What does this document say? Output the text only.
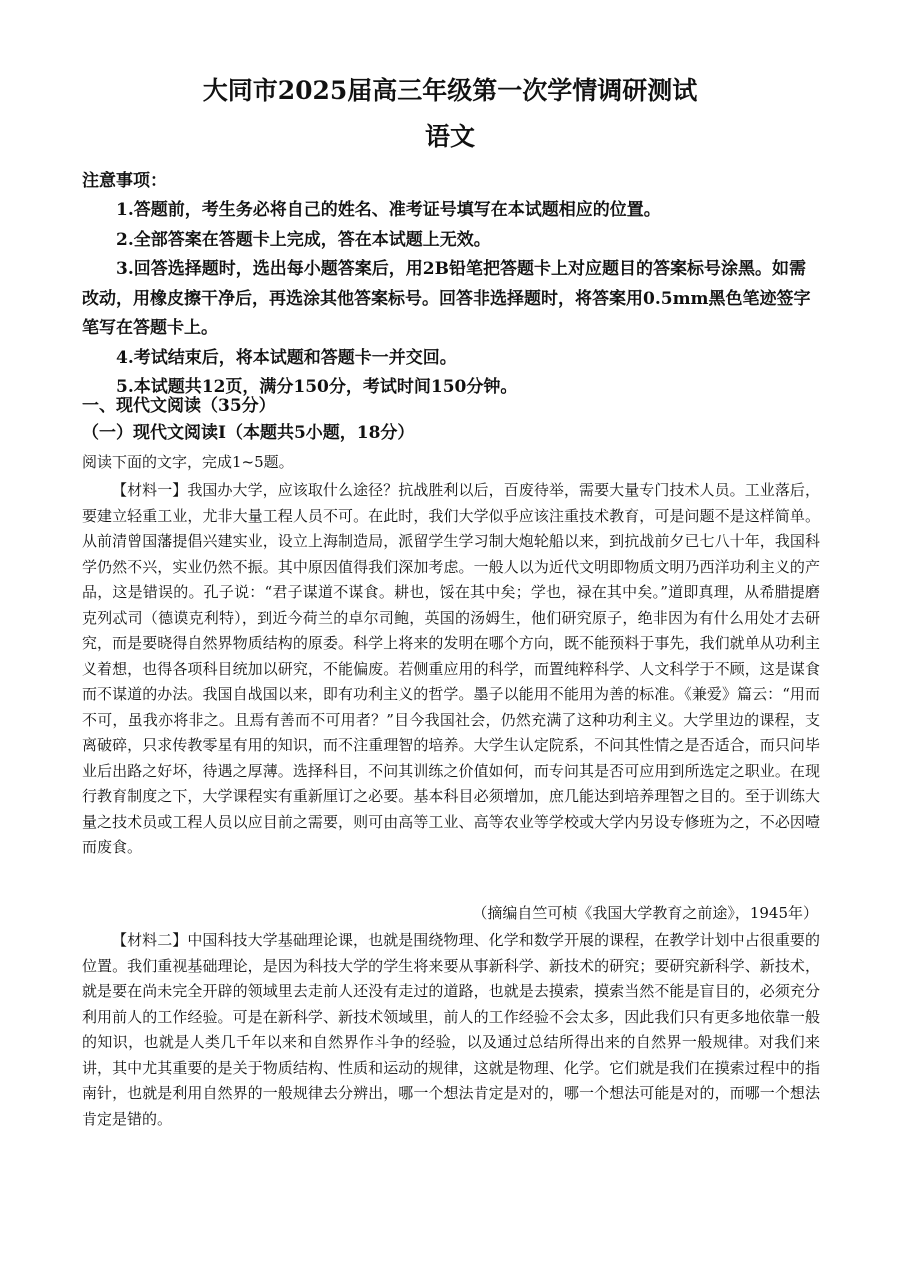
大同市2025届高三年级第一次学情调研测试
语文
注意事项：

1.答题前，考生务必将自己的姓名、准考证号填写在本试题相应的位置。

2.全部答案在答题卡上完成，答在本试题上无效。

3.回答选择题时，选出每小题答案后，用2B铅笔把答题卡上对应题目的答案标号涂黑。如需改动，用橡皮擦干净后，再选涂其他答案标号。回答非选择题时，将答案用0.5mm黑色笔迹签字笔写在答题卡上。

4.考试结束后，将本试题和答题卡一并交回。

5.本试题共12页，满分150分，考试时间150分钟。

一、现代文阅读（35分）
（一）现代文阅读Ⅰ（本题共5小题，18分）
阅读下面的文字，完成1~5题。

【材料一】我国办大学，应该取什么途径？抗战胜利以后，百废待举，需要大量专门技术人员。工业落后，要建立轻重工业，尤非大量工程人员不可。在此时，我们大学似乎应该注重技术教育，可是问题不是这样简单。从前清曾国藩提倡兴建实业，设立上海制造局，派留学生学习制大炮轮船以来，到抗战前夕已七八十年，我国科学仍然不兴，实业仍然不振。其中原因值得我们深加考虑。一般人以为近代文明即物质文明乃西洋功利主义的产品，这是错误的。孔子说：“君子谋道不谋食。耕也，馁在其中矣；学也，禄在其中矣。”道即真理，从希腊提磨克列忒司（德谟克利特），到近今荷兰的卓尔司鲍，英国的汤姆生，他们研究原子，绝非因为有什么用处才去研究，而是要晓得自然界物质结构的原委。科学上将来的发明在哪个方向，既不能预料于事先，我们就单从功利主义着想，也得各项科目统加以研究，不能偏废。若侧重应用的科学，而置纯粹科学、人文科学于不顾，这是谋食而不谋道的办法。我国自战国以来，即有功利主义的哲学。墨子以能用不能用为善的标准。《兼爱》篇云：“用而不可，虽我亦将非之。且焉有善而不可用者？”目今我国社会，仍然充满了这种功利主义。大学里边的课程，支离破碎，只求传教零星有用的知识，而不注重理智的培养。大学生认定院系，不问其性情之是否适合，而只问毕业后出路之好坏，待遇之厚薄。选择科目，不问其训练之价值如何，而专问其是否可应用到所选定之职业。在现行教育制度之下，大学课程实有重新厘订之必要。基本科目必须增加，庶几能达到培养理智之目的。至于训练大量之技术员或工程人员以应目前之需要，则可由高等工业、高等农业等学校或大学内另设专修班为之，不必因噎而废食。

（摘编自竺可桢《我国大学教育之前途》，1945年）

【材料二】中国科技大学基础理论课，也就是围绕物理、化学和数学开展的课程，在教学计划中占很重要的位置。我们重视基础理论，是因为科技大学的学生将来要从事新科学、新技术的研究；要研究新科学、新技术，就是要在尚未完全开辟的领域里去走前人还没有走过的道路，也就是去摸索，摸索当然不能是盲目的，必须充分利用前人的工作经验。可是在新科学、新技术领域里，前人的工作经验不会太多，因此我们只有更多地依靠一般的知识，也就是人类几千年以来和自然界作斗争的经验，以及通过总结所得出来的自然界一般规律。对我们来讲，其中尤其重要的是关于物质结构、性质和运动的规律，这就是物理、化学。它们就是我们在摸索过程中的指南针，也就是利用自然界的一般规律去分辨出，哪一个想法肯定是对的，哪一个想法可能是对的，而哪一个想法肯定是错的。
